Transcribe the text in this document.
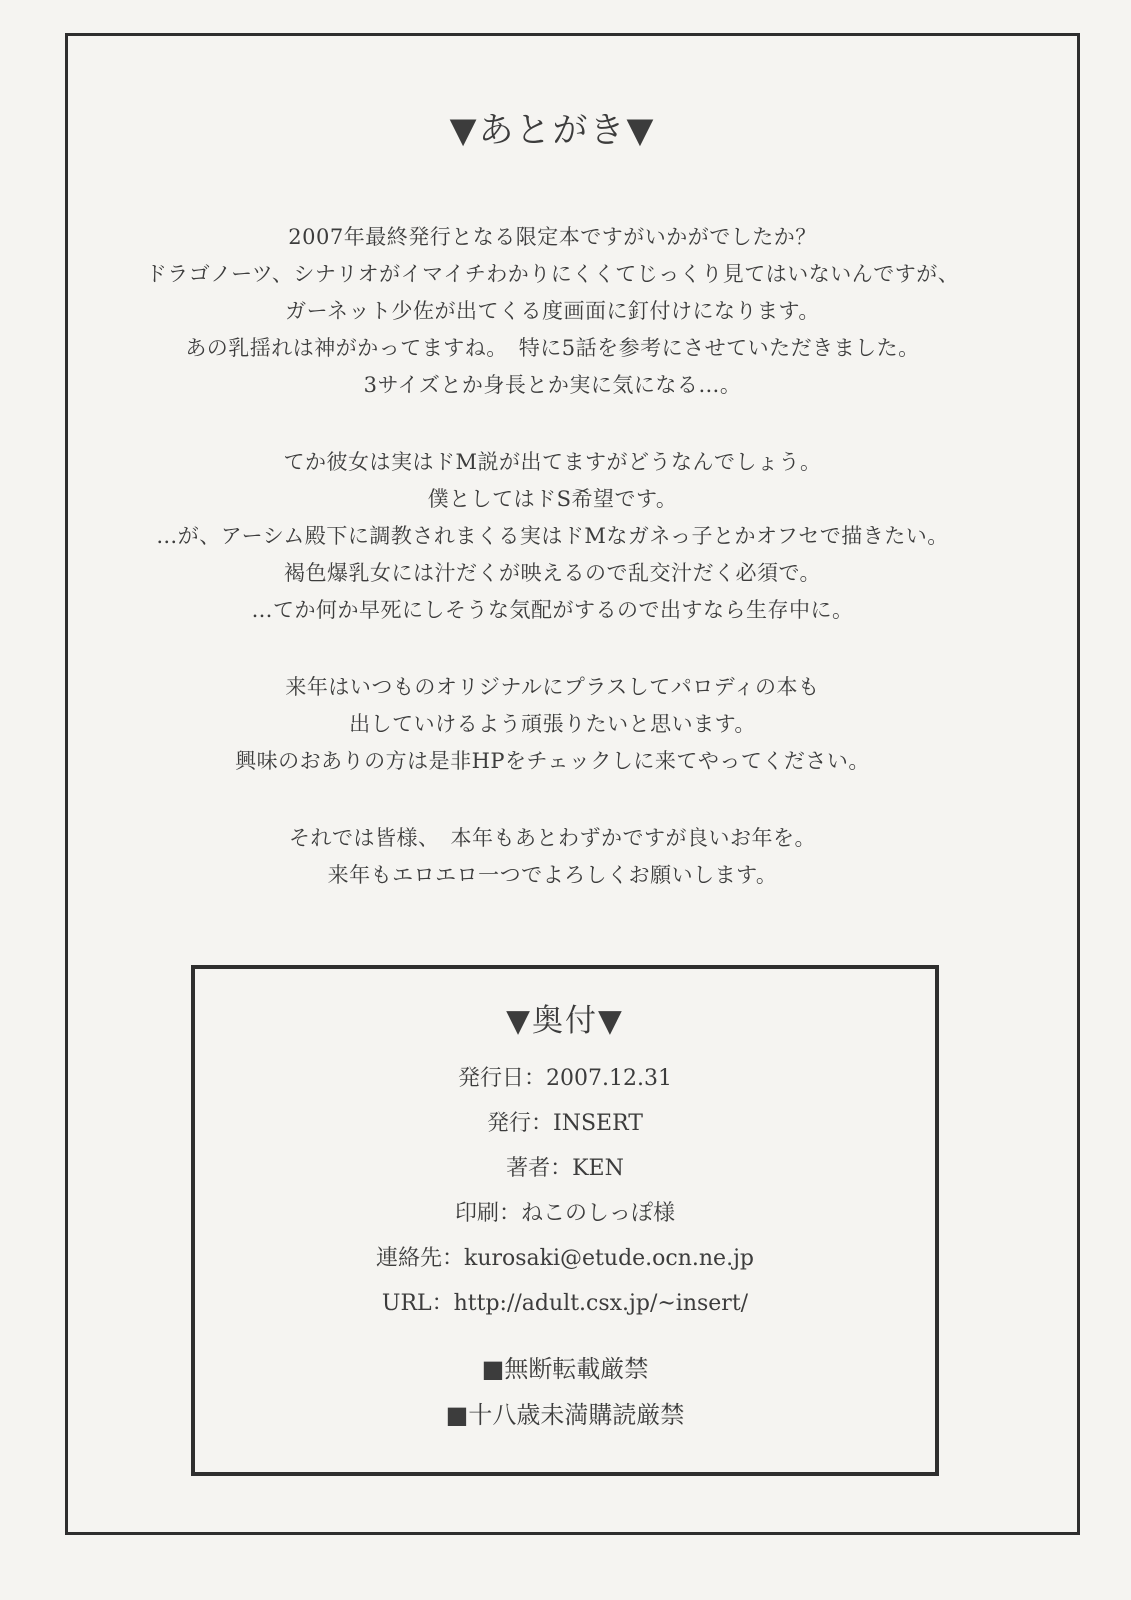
▼あとがき▼
2007年最終発行となる限定本ですがいかがでしたか？
ドラゴノーツ、シナリオがイマイチわかりにくくてじっくり見てはいないんですが、
ガーネット少佐が出てくる度画面に釘付けになります。
あの乳揺れは神がかってますね。　特に5話を参考にさせていただきました。
3サイズとか身長とか実に気になる…。
てか彼女は実はドM説が出てますがどうなんでしょう。
僕としてはドS希望です。
…が、アーシム殿下に調教されまくる実はドMなガネっ子とかオフセで描きたい。
褐色爆乳女には汁だくが映えるので乱交汁だく必須で。
…てか何か早死にしそうな気配がするので出すなら生存中に。
来年はいつものオリジナルにプラスしてパロディの本も
出していけるよう頑張りたいと思います。
興味のおありの方は是非HPをチェックしに来てやってください。
それでは皆様、　本年もあとわずかですが良いお年を。
来年もエロエロ一つでよろしくお願いします。
▼奥付▼
発行日：2007.12.31
発行：INSERT
著者：KEN
印刷：ねこのしっぽ様
連絡先：kurosaki@etude.ocn.ne.jp
URL：http://adult.csx.jp/~insert/
■無断転載厳禁
■十八歳未満購読厳禁
